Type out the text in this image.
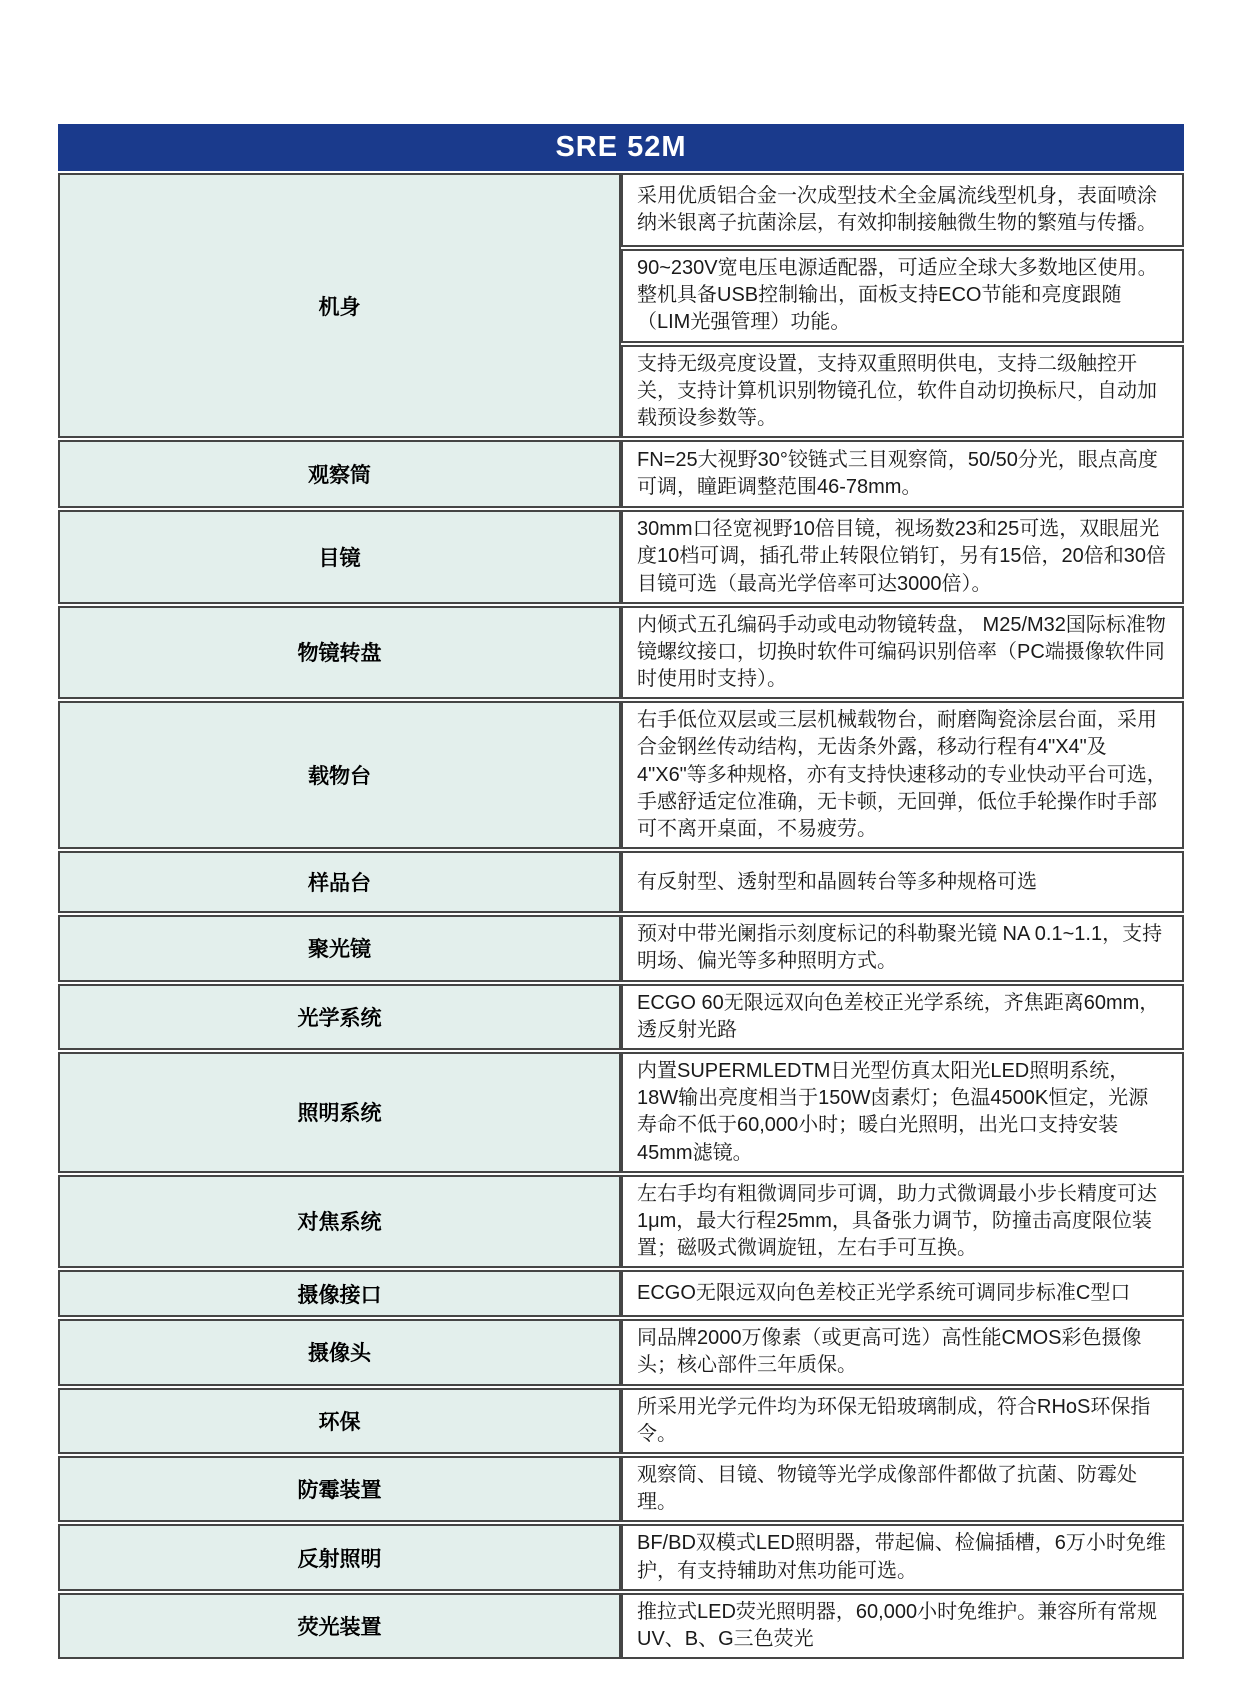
SRE 52M	
机身	采用优质铝合金一次成型技术全金属流线型机身，表面喷涂纳米银离子抗菌涂层，有效抑制接触微生物的繁殖与传播。
	90~230V宽电压电源适配器，可适应全球大多数地区使用。整机具备USB控制输出，面板支持ECO节能和亮度跟随（LIM光强管理）功能。
	支持无级亮度设置，支持双重照明供电，支持二级触控开关，支持计算机识别物镜孔位，软件自动切换标尺，自动加载预设参数等。
观察筒	FN=25大视野30°铰链式三目观察筒，50/50分光，眼点高度可调，瞳距调整范围46-78mm。
目镜	30mm口径宽视野10倍目镜，视场数23和25可选，双眼屈光度10档可调，插孔带止转限位销钉，另有15倍，20倍和30倍目镜可选（最高光学倍率可达3000倍）。
物镜转盘	内倾式五孔编码手动或电动物镜转盘， M25/M32国际标准物镜螺纹接口，切换时软件可编码识别倍率（PC端摄像软件同时使用时支持）。
载物台	右手低位双层或三层机械载物台，耐磨陶瓷涂层台面，采用合金钢丝传动结构，无齿条外露，移动行程有4"X4"及4"X6"等多种规格，亦有支持快速移动的专业快动平台可选，手感舒适定位准确，无卡顿，无回弹，低位手轮操作时手部可不离开桌面，不易疲劳。
样品台	有反射型、透射型和晶圆转台等多种规格可选
聚光镜	预对中带光阑指示刻度标记的科勒聚光镜 NA 0.1~1.1，支持明场、偏光等多种照明方式。
光学系统	ECGO 60无限远双向色差校正光学系统，齐焦距离60mm，透反射光路
照明系统	内置SUPERMLEDTM日光型仿真太阳光LED照明系统，18W输出亮度相当于150W卤素灯；色温4500K恒定，光源寿命不低于60,000小时；暖白光照明，出光口支持安装45mm滤镜。
对焦系统	左右手均有粗微调同步可调，助力式微调最小步长精度可达1μm，最大行程25mm，具备张力调节，防撞击高度限位装置；磁吸式微调旋钮，左右手可互换。
摄像接口	ECGO无限远双向色差校正光学系统可调同步标准C型口
摄像头	同品牌2000万像素（或更高可选）高性能CMOS彩色摄像头；核心部件三年质保。
环保	所采用光学元件均为环保无铅玻璃制成，符合RHoS环保指令。
防霉装置	观察筒、目镜、物镜等光学成像部件都做了抗菌、防霉处理。
反射照明	BF/BD双模式LED照明器，带起偏、检偏插槽，6万小时免维护，有支持辅助对焦功能可选。
荧光装置	推拉式LED荧光照明器，60,000小时免维护。兼容所有常规UV、B、G三色荧光
